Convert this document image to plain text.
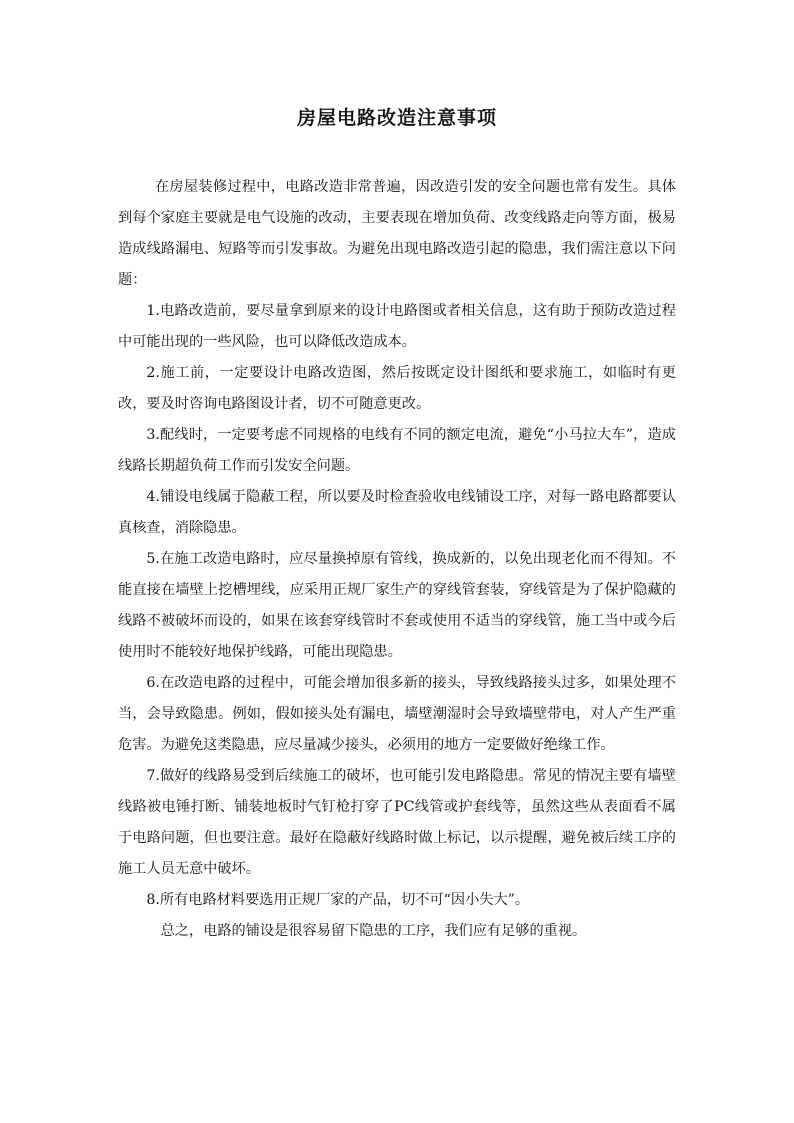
房屋电路改造注意事项

在房屋装修过程中，电路改造非常普遍，因改造引发的安全问题也常有发生。具体到每个家庭主要就是电气设施的改动，主要表现在增加负荷、改变线路走向等方面，极易造成线路漏电、短路等而引发事故。为避免出现电路改造引起的隐患，我们需注意以下问题：

1.电路改造前，要尽量拿到原来的设计电路图或者相关信息，这有助于预防改造过程中可能出现的一些风险，也可以降低改造成本。

2.施工前，一定要设计电路改造图，然后按既定设计图纸和要求施工，如临时有更改，要及时咨询电路图设计者，切不可随意更改。

3.配线时，一定要考虑不同规格的电线有不同的额定电流，避免“小马拉大车”，造成线路长期超负荷工作而引发安全问题。

4.铺设电线属于隐蔽工程，所以要及时检查验收电线铺设工序，对每一路电路都要认真核查，消除隐患。

5.在施工改造电路时，应尽量换掉原有管线，换成新的，以免出现老化而不得知。不能直接在墙壁上挖槽埋线，应采用正规厂家生产的穿线管套装，穿线管是为了保护隐藏的线路不被破坏而设的，如果在该套穿线管时不套或使用不适当的穿线管，施工当中或今后使用时不能较好地保护线路，可能出现隐患。

6.在改造电路的过程中，可能会增加很多新的接头，导致线路接头过多，如果处理不当，会导致隐患。例如，假如接头处有漏电，墙壁潮湿时会导致墙壁带电，对人产生严重危害。为避免这类隐患，应尽量减少接头，必须用的地方一定要做好绝缘工作。

7.做好的线路易受到后续施工的破坏，也可能引发电路隐患。常见的情况主要有墙壁线路被电锤打断、铺装地板时气钉枪打穿了PC线管或护套线等，虽然这些从表面看不属于电路问题，但也要注意。最好在隐蔽好线路时做上标记，以示提醒，避免被后续工序的施工人员无意中破坏。

8.所有电路材料要选用正规厂家的产品，切不可“因小失大”。

总之，电路的铺设是很容易留下隐患的工序，我们应有足够的重视。
